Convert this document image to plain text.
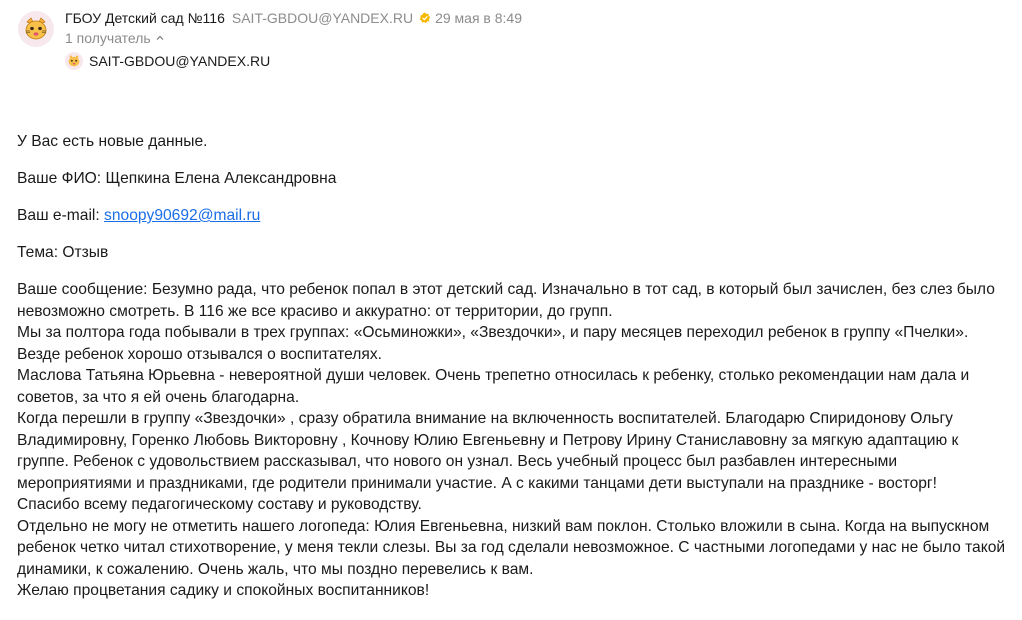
ГБОУ Детский сад №116 SAIT-GBDOU@YANDEX.RU 29 мая в 8:49
1 получатель
SAIT-GBDOU@YANDEX.RU

У Вас есть новые данные.

Ваше ФИО: Щепкина Елена Александровна

Ваш e-mail: snoopy90692@mail.ru

Тема: Отзыв

Ваше сообщение: Безумно рада, что ребенок попал в этот детский сад. Изначально в тот сад, в который был зачислен, без слез было невозможно смотреть. В 116 же все красиво и аккуратно: от территории, до групп.

Мы за полтора года побывали в трех группах: «Осьминожки», «Звездочки», и пару месяцев переходил ребенок в группу «Пчелки». Везде ребенок хорошо отзывался о воспитателях.

Маслова Татьяна Юрьевна - невероятной души человек. Очень трепетно относилась к ребенку, столько рекомендации нам дала и советов, за что я ей очень благодарна.

Когда перешли в группу «Звездочки» , сразу обратила внимание на включенность воспитателей. Благодарю Спиридонову Ольгу Владимировну, Горенко Любовь Викторовну , Кочнову Юлию Евгеньевну и Петрову Ирину Станиславовну за мягкую адаптацию к группе. Ребенок с удовольствием рассказывал, что нового он узнал. Весь учебный процесс был разбавлен интересными мероприятиями и праздниками, где родители принимали участие. А с какими танцами дети выступали на празднике - восторг!

Спасибо всему педагогическому составу и руководству.

Отдельно не могу не отметить нашего логопеда: Юлия Евгеньевна, низкий вам поклон. Столько вложили в сына. Когда на выпускном ребенок четко читал стихотворение, у меня текли слезы. Вы за год сделали невозможное. С частными логопедами у нас не было такой динамики, к сожалению. Очень жаль, что мы поздно перевелись к вам.

Желаю процветания садику и спокойных воспитанников!
